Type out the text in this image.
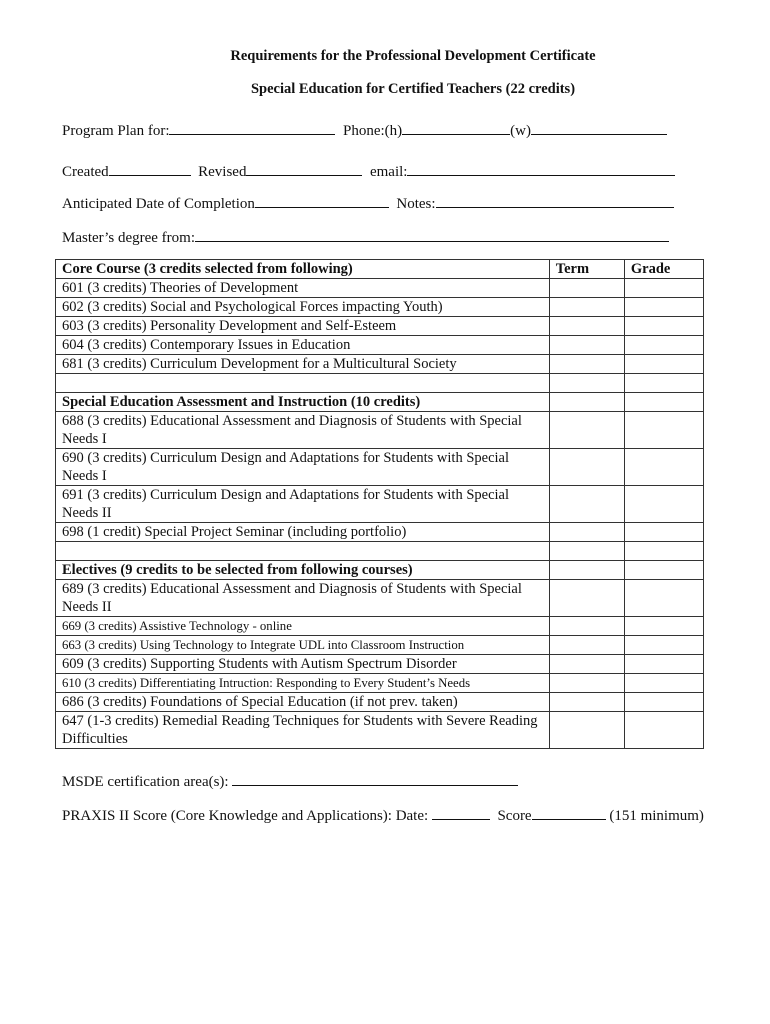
Requirements for the Professional Development Certificate
Special Education for Certified Teachers (22 credits)
Program Plan for:	Phone:(h)	(w)
Created	Revised	email:
Anticipated Date of Completion	Notes:
Master’s degree from:
Core Course (3 credits selected from following)	Term	Grade
601 (3 credits) Theories of Development		
602 (3 credits) Social and Psychological Forces impacting Youth)		
603 (3 credits) Personality Development and Self-Esteem		
604 (3 credits) Contemporary Issues in Education		
681 (3 credits) Curriculum Development for a Multicultural Society		

Special Education Assessment and Instruction (10 credits)		
688 (3 credits) Educational Assessment and Diagnosis of Students with Special Needs I		
690 (3 credits) Curriculum Design and Adaptations for Students with Special Needs I		
691 (3 credits) Curriculum Design and Adaptations for Students with Special Needs II		
698 (1 credit) Special Project Seminar (including portfolio)		

Electives (9 credits to be selected from following courses)		
689 (3 credits) Educational Assessment and Diagnosis of Students with Special Needs II		
669 (3 credits) Assistive Technology - online		
663 (3 credits) Using Technology to Integrate UDL into Classroom Instruction		
609 (3 credits) Supporting Students with Autism Spectrum Disorder		
610 (3 credits) Differentiating Intruction: Responding to Every Student’s Needs		
686 (3 credits) Foundations of Special Education (if not prev. taken)		
647 (1-3 credits) Remedial Reading Techniques for Students with Severe Reading Difficulties		
MSDE certification area(s):
PRAXIS II Score (Core Knowledge and Applications): Date:	Score	(151 minimum)
